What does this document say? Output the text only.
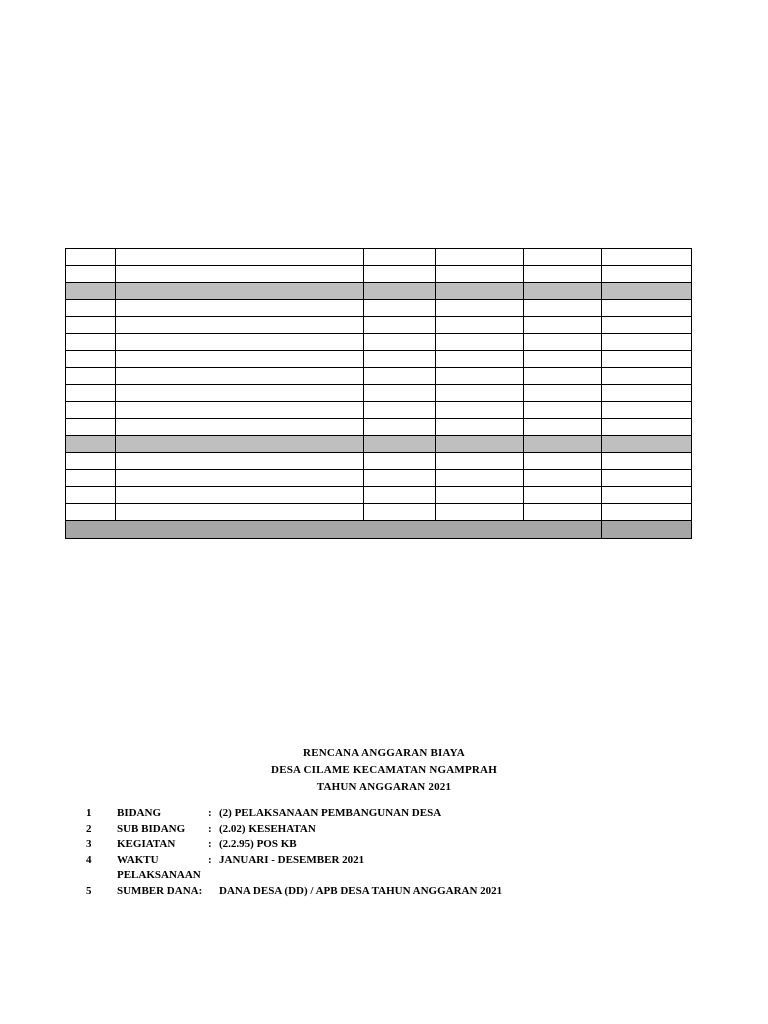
RENCANA ANGGARAN BIAYA
DESA CILAME KECAMATAN NGAMPRAH
TAHUN ANGGARAN 2021
1 BIDANG	: (2) PELAKSANAAN PEMBANGUNAN DESA
2 SUB BIDANG : (2.02) KESEHATAN
3 KEGIATAN	: (2.2.95) POS KB
4 WAKTU	: JANUARI - DESEMBER 2021
PELAKSANAAN
5 SUMBER DANA: DANA DESA (DD) / APB DESA TAHUN ANGGARAN 2021
